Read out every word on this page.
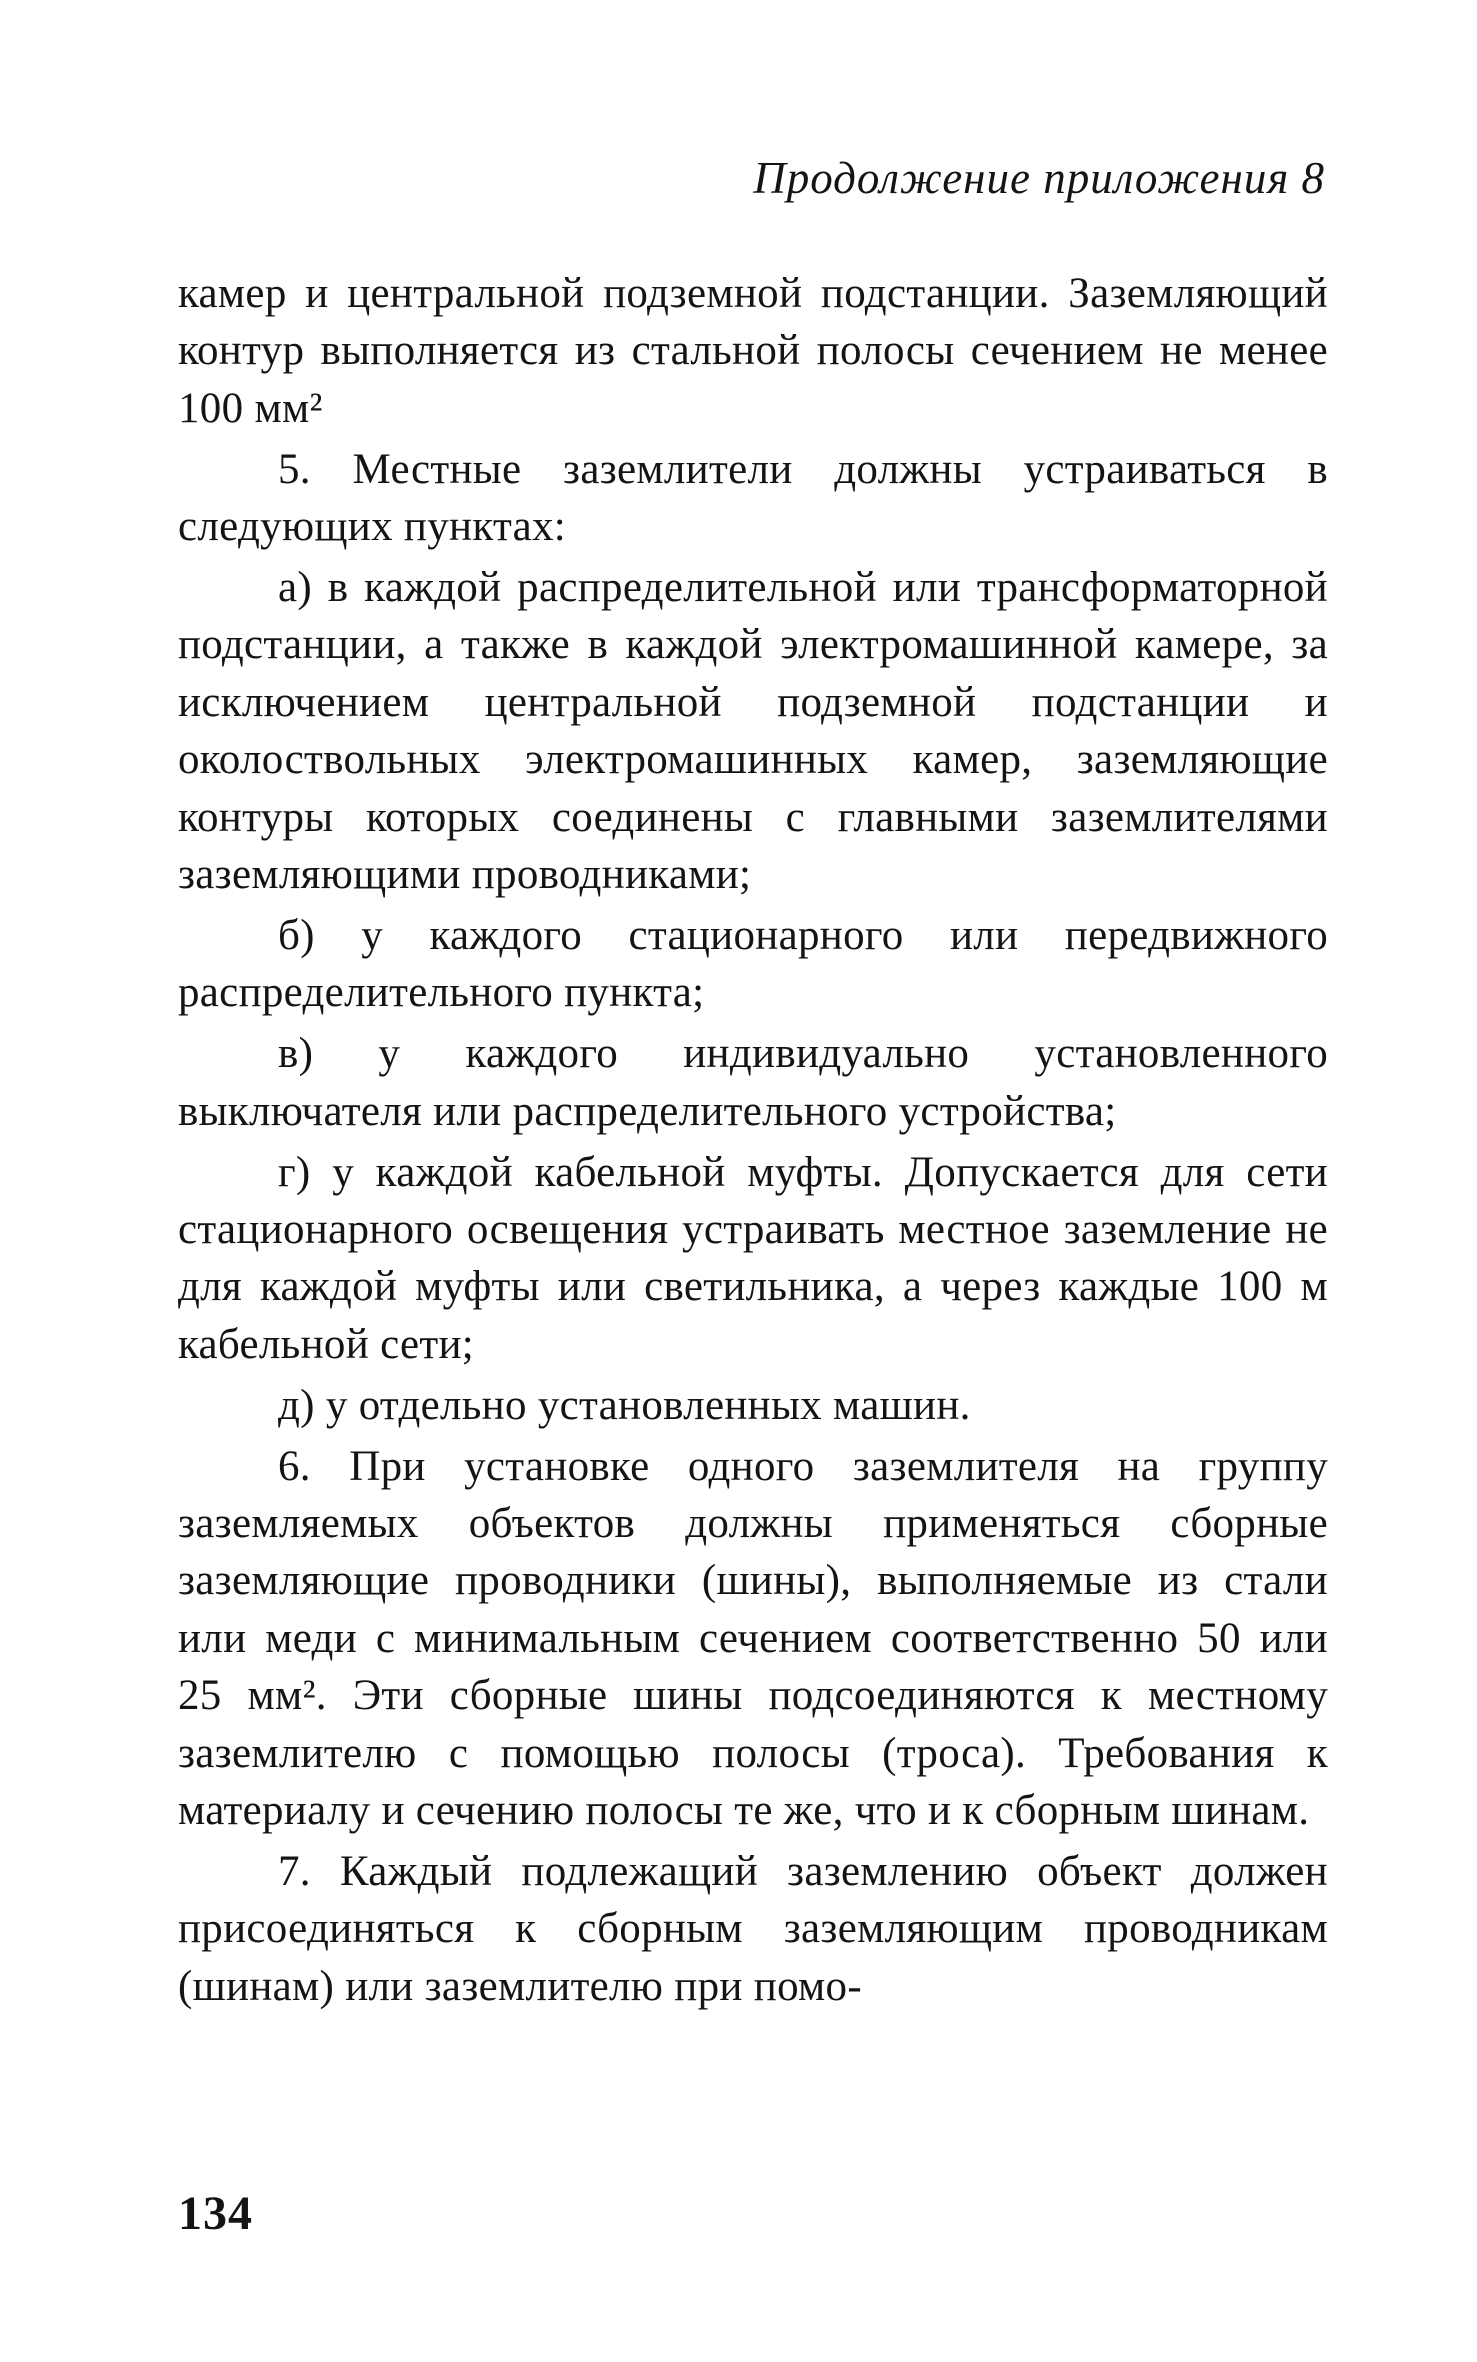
Продолжение приложения 8

камер и центральной подземной подстанции. Заземляющий контур выполняется из стальной полосы сечением не менее 100 мм²

5. Местные заземлители должны устраиваться в следующих пунктах:

а) в каждой распределительной или трансформаторной подстанции, а также в каждой электромашинной камере, за исключением центральной подземной подстанции и околоствольных электромашинных камер, заземляющие контуры которых соединены с главными заземлителями заземляющими проводниками;

б) у каждого стационарного или передвижного распределительного пункта;

в) у каждого индивидуально установленного выключателя или распределительного устройства;

г) у каждой кабельной муфты. Допускается для сети стационарного освещения устраивать местное заземление не для каждой муфты или светильника, а через каждые 100 м кабельной сети;

д) у отдельно установленных машин.

6. При установке одного заземлителя на группу заземляемых объектов должны применяться сборные заземляющие проводники (шины), выполняемые из стали или меди с минимальным сечением соответственно 50 или 25 мм². Эти сборные шины подсоединяются к местному заземлителю с помощью полосы (троса). Требования к материалу и сечению полосы те же, что и к сборным шинам.

7. Каждый подлежащий заземлению объект должен присоединяться к сборным заземляющим проводникам (шинам) или заземлителю при помо-

134
